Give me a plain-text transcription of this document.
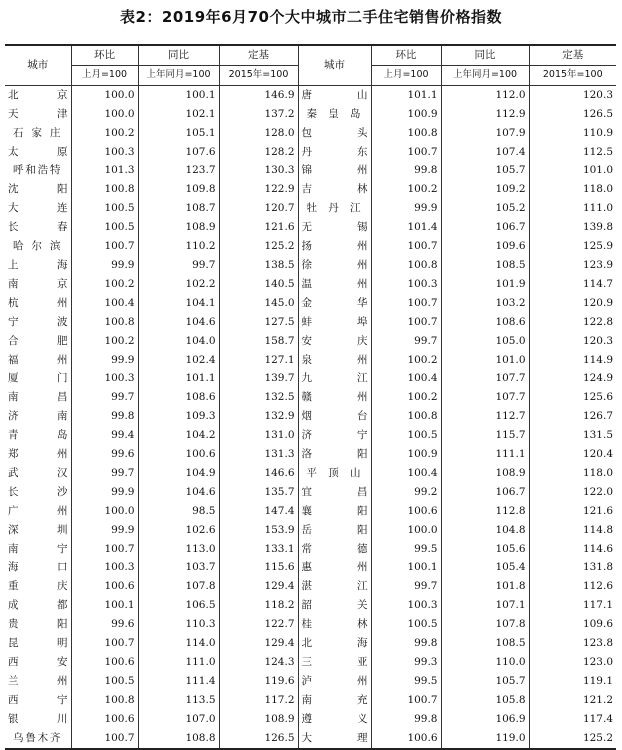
表2：2019年6月70个大中城市二手住宅销售价格指数
城市	环比	同比	定基	城市	环比	同比	定基
	上月=100	上年同月=100	2015年=100		上月=100	上年同月=100	2015年=100
北京	100.0	100.1	146.9	唐山	101.1	112.0	120.3
天津	100.0	102.1	137.2	秦皇岛	100.9	112.9	126.5
石家庄	100.2	105.1	128.0	包头	100.8	107.9	110.9
太原	100.3	107.6	128.2	丹东	100.7	107.4	112.5
呼和浩特	101.3	123.7	130.3	锦州	99.8	105.7	101.0
沈阳	100.8	109.8	122.9	吉林	100.2	109.2	118.0
大连	100.5	108.7	120.7	牡丹江	99.9	105.2	111.0
长春	100.5	108.9	121.6	无锡	101.4	106.7	139.8
哈尔滨	100.7	110.2	125.2	扬州	100.7	109.6	125.9
上海	99.9	99.7	138.5	徐州	100.8	108.5	123.9
南京	100.2	102.2	140.5	温州	100.3	101.9	114.7
杭州	100.4	104.1	145.0	金华	100.7	103.2	120.9
宁波	100.8	104.6	127.5	蚌埠	100.7	108.6	122.8
合肥	100.2	104.0	158.7	安庆	99.7	105.0	120.3
福州	99.9	102.4	127.1	泉州	100.2	101.0	114.9
厦门	100.3	101.1	139.7	九江	100.4	107.7	124.9
南昌	99.7	108.6	132.5	赣州	100.2	107.7	125.6
济南	99.8	109.3	132.9	烟台	100.8	112.7	126.7
青岛	99.4	104.2	131.0	济宁	100.5	115.7	131.5
郑州	99.6	100.6	131.3	洛阳	100.9	111.1	120.4
武汉	99.7	104.9	146.6	平顶山	100.4	108.9	118.0
长沙	99.9	104.6	135.7	宜昌	99.2	106.7	122.0
广州	100.0	98.5	147.4	襄阳	100.6	112.8	121.6
深圳	99.9	102.6	153.9	岳阳	100.0	104.8	114.8
南宁	100.7	113.0	133.1	常德	99.5	105.6	114.6
海口	100.3	103.7	115.6	惠州	100.1	105.4	131.8
重庆	100.6	107.8	129.4	湛江	99.7	101.8	112.6
成都	100.1	106.5	118.2	韶关	100.3	107.1	117.1
贵阳	99.6	110.3	122.7	桂林	100.5	107.8	109.6
昆明	100.7	114.0	129.4	北海	99.8	108.5	123.8
西安	100.6	111.0	124.3	三亚	99.3	110.0	123.0
兰州	100.5	111.4	119.6	泸州	99.5	105.7	119.1
西宁	100.8	113.5	117.2	南充	100.7	105.8	121.2
银川	100.6	107.0	108.9	遵义	99.8	106.9	117.4
乌鲁木齐	100.7	108.8	126.5	大理	100.6	119.0	125.2
